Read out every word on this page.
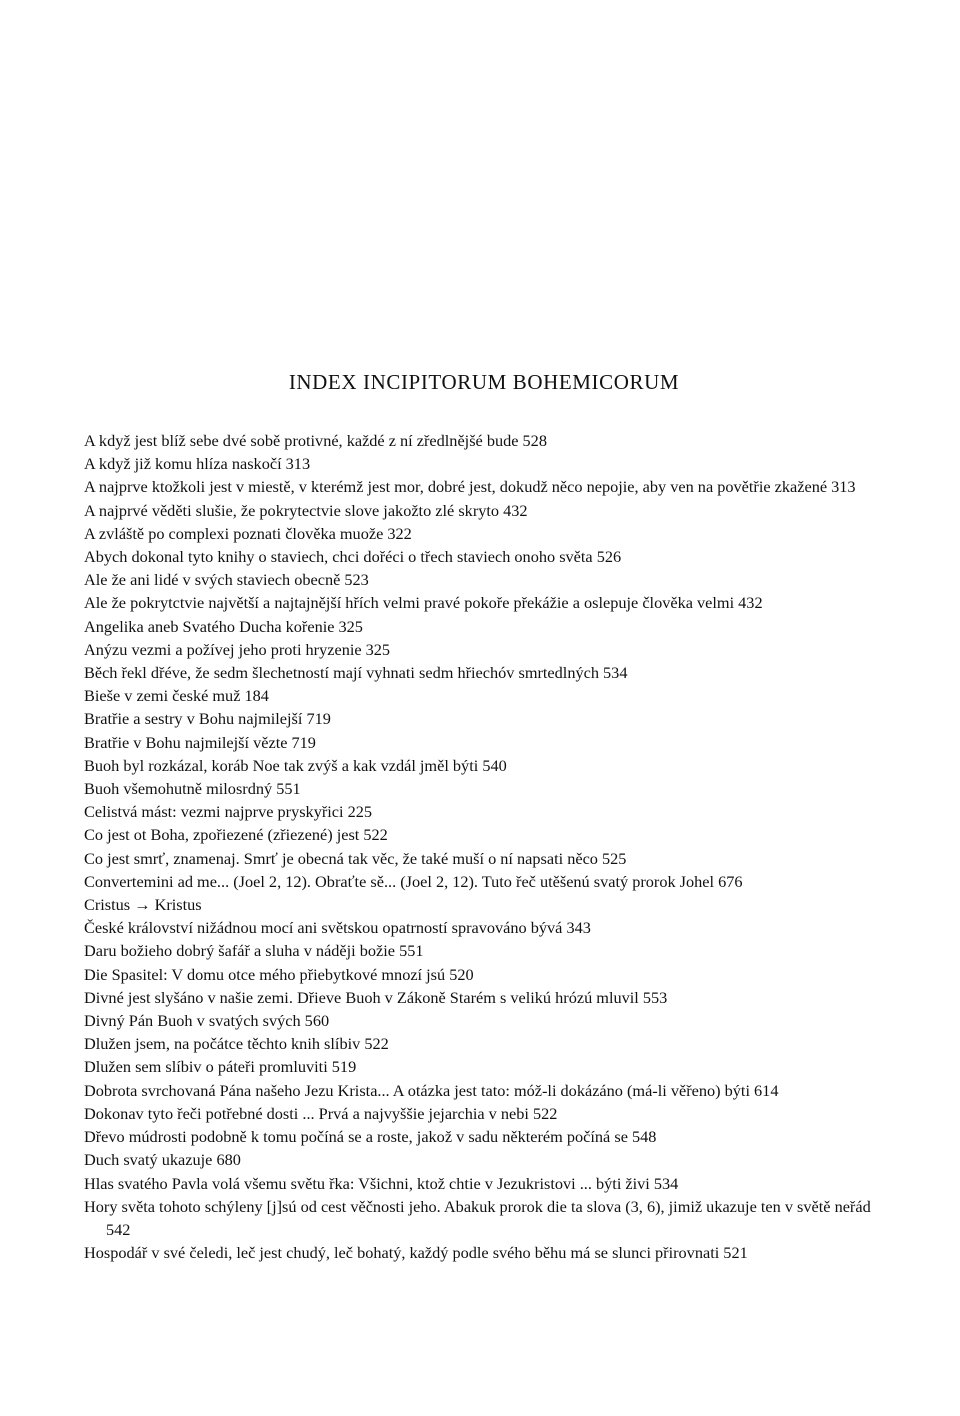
INDEX INCIPITORUM BOHEMICORUM

A když jest blíž sebe dvé sobě protivné, každé z ní zředlnějšé bude 528

A když již komu hlíza naskočí 313

A najprve ktožkoli jest v miestě, v kterémž jest mor, dobré jest, dokudž něco nepojie, aby ven na povětřie zkažené 313

A najprvé věděti slušie, že pokrytectvie slove jakožto zlé skryto 432

A zvláště po complexi poznati člověka muože 322

Abych dokonal tyto knihy o staviech, chci dořéci o třech staviech onoho světa 526

Ale že ani lidé v svých staviech obecně 523

Ale že pokrytctvie najvětší a najtajnější hřích velmi pravé pokoře překážie a oslepuje člověka velmi 432

Angelika aneb Svatého Ducha kořenie 325

Anýzu vezmi a požívej jeho proti hryzenie 325

Běch řekl dřéve, že sedm šlechetností mají vyhnati sedm hřiechóv smrtedlných 534

Bieše v zemi české muž 184

Bratřie a sestry v Bohu najmilejší 719

Bratřie v Bohu najmilejší vězte 719

Buoh byl rozkázal, koráb Noe tak zvýš a kak vzdál jměl býti 540

Buoh všemohutně milosrdný 551

Celistvá mást: vezmi najprve pryskyřici 225

Co jest ot Boha, zpořiezené (zřiezené) jest 522

Co jest smrť, znamenaj. Smrť je obecná tak věc, že také muší o ní napsati něco 525

Convertemini ad me... (Joel 2, 12). Obraťte sě... (Joel 2, 12). Tuto řeč utěšenú svatý prorok Johel 676

Cristus → Kristus

České království nižádnou mocí ani světskou opatrností spravováno bývá 343

Daru božieho dobrý šafář a sluha v náději božie 551

Die Spasitel: V domu otce mého přiebytkové mnozí jsú 520

Divné jest slyšáno v našie zemi. Dřieve Buoh v Zákoně Starém s velikú hrózú mluvil 553

Divný Pán Buoh v svatých svých 560

Dlužen jsem, na počátce těchto knih slíbiv 522

Dlužen sem slíbiv o páteři promluviti 519

Dobrota svrchovaná Pána našeho Jezu Krista... A otázka jest tato: móž-li dokázáno (má-li věřeno) býti 614

Dokonav tyto řeči potřebné dosti ... Prvá a najvyššie jejarchia v nebi 522

Dřevo múdrosti podobně k tomu počíná se a roste, jakož v sadu některém počíná se 548

Duch svatý ukazuje 680

Hlas svatého Pavla volá všemu světu řka: Všichni, ktož chtie v Jezukristovi ... býti živi 534

Hory světa tohoto schýleny [j]sú od cest věčnosti jeho. Abakuk prorok die ta slova (3, 6), jimiž ukazuje ten v světě neřád 542

Hospodář v své čeledi, leč jest chudý, leč bohatý, každý podle svého běhu má se slunci přirovnati 521
